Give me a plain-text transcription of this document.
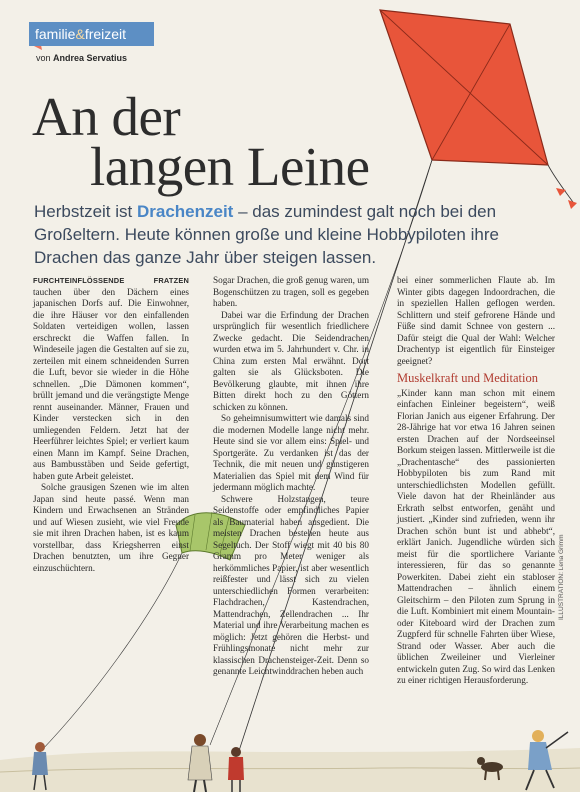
familie&freizeit
von Andrea Servatius
An der
langen Leine

Herbstzeit ist Drachenzeit – das zumindest galt noch bei den Großeltern. Heute können große und kleine Hobbypiloten ihre Drachen das ganze Jahr über steigen lassen.

FURCHTEINFLÖSSENDE FRATZEN tauchen über den Dächern eines japanischen Dorfs auf. Die Einwohner, die ihre Häuser vor den einfallenden Soldaten verteidigen wollen, lassen erschreckt die Waffen fallen. In Windeseile jagen die Gestalten auf sie zu, zerteilen mit einem schneidenden Surren die Luft, bevor sie wieder in die Höhe schnellen. „Die Dämonen kommen“, brüllt jemand und die verängstigte Menge rennt auseinander. Männer, Frauen und Kinder verstecken sich in den umliegenden Feldern. Jetzt hat der Heerführer leichtes Spiel; er verliert kaum einen Mann im Kampf. Seine Drachen, aus Bambusstäben und Seide gefertigt, haben gute Arbeit geleistet.

Solche grausigen Szenen wie im alten Japan sind heute passé. Wenn man Kindern und Erwachsenen an Stränden und auf Wiesen zusieht, wie viel Freude sie mit ihren Drachen haben, ist es kaum vorstellbar, dass Kriegsherren einst Drachen benutzten, um ihre Gegner einzuschüchtern.

Sogar Drachen, die groß genug waren, um Bogenschützen zu tragen, soll es gegeben haben.

Dabei war die Erfindung der Drachen ursprünglich für wesentlich friedlichere Zwecke gedacht. Die Seidendrachen wurden etwa im 5. Jahrhundert v. Chr. in China zum ersten Mal erwähnt. Dort galten sie als Glücksboten. Die Bevölkerung glaubte, mit ihnen ihre Bitten direkt hoch zu den Göttern schicken zu können.

So geheimnisumwittert wie damals sind die modernen Modelle lange nicht mehr. Heute sind sie vor allem eins: Spiel- und Sportgeräte. Zu verdanken ist das der Technik, die mit neuen und günstigeren Materialien das Spiel mit dem Wind für jedermann möglich machte.

Schwere Holzstangen, teure Seidenstoffe oder empfindliches Papier als Baumaterial haben ausgedient. Die meisten Drachen bestehen heute aus Segeltuch. Der Stoff wiegt mit 40 bis 80 Gramm pro Meter weniger als herkömmliches Papier, ist aber wesentlich reißfester und lässt sich zu vielen unterschiedlichen Formen verarbeiten: Flachdrachen, Kastendrachen, Mattendrachen, Zellendrachen ... Ihr Material und ihre Verarbeitung machen es möglich: Jetzt gehören die Herbst- und Frühlingsmonate nicht mehr zur klassischen Drachensteiger-Zeit. Denn so genannte Leichtwinddrachen heben auch

bei einer sommerlichen Flaute ab. Im Winter gibts dagegen Indoordrachen, die in speziellen Hallen geflogen werden. Schlittern und steif gefrorene Hände und Füße sind damit Schnee von gestern ... Dafür steigt die Qual der Wahl: Welcher Drachentyp ist eigentlich für Einsteiger geeignet?

Muskelkraft und Meditation

„Kinder kann man schon mit einem einfachen Einleiner begeistern“, weiß Florian Janich aus eigener Erfahrung. Der 28-Jährige hat vor etwa 16 Jahren seinen ersten Drachen auf der Nordseeinsel Borkum steigen lassen. Mittlerweile ist die „Drachentasche“ des passionierten Hobbypiloten bis zum Rand mit unterschiedlichsten Modellen gefüllt. Viele davon hat der Rheinländer aus Erkrath selbst entworfen, genäht und justiert. „Kinder sind zufrieden, wenn ihr Drachen schön bunt ist und abhebt“, erklärt Janich. Jugendliche würden sich meist für die sportlichere Variante interessieren, für das so genannte Powerkiten. Dabei zieht ein stabloser Mattendrachen – ähnlich einem Gleitschirm – den Piloten zum Sprung in die Luft. Kombiniert mit einem Mountain- oder Kiteboard wird der Drachen zum Zugpferd für schnelle Fahrten über Wiese, Strand oder Wasser. Aber auch die üblichen Zweileiner und Vierleiner entwickeln guten Zug. So wird das Lenken zu einer richtigen Herausforderung.

ILLUSTRATION: Lena Grimm
